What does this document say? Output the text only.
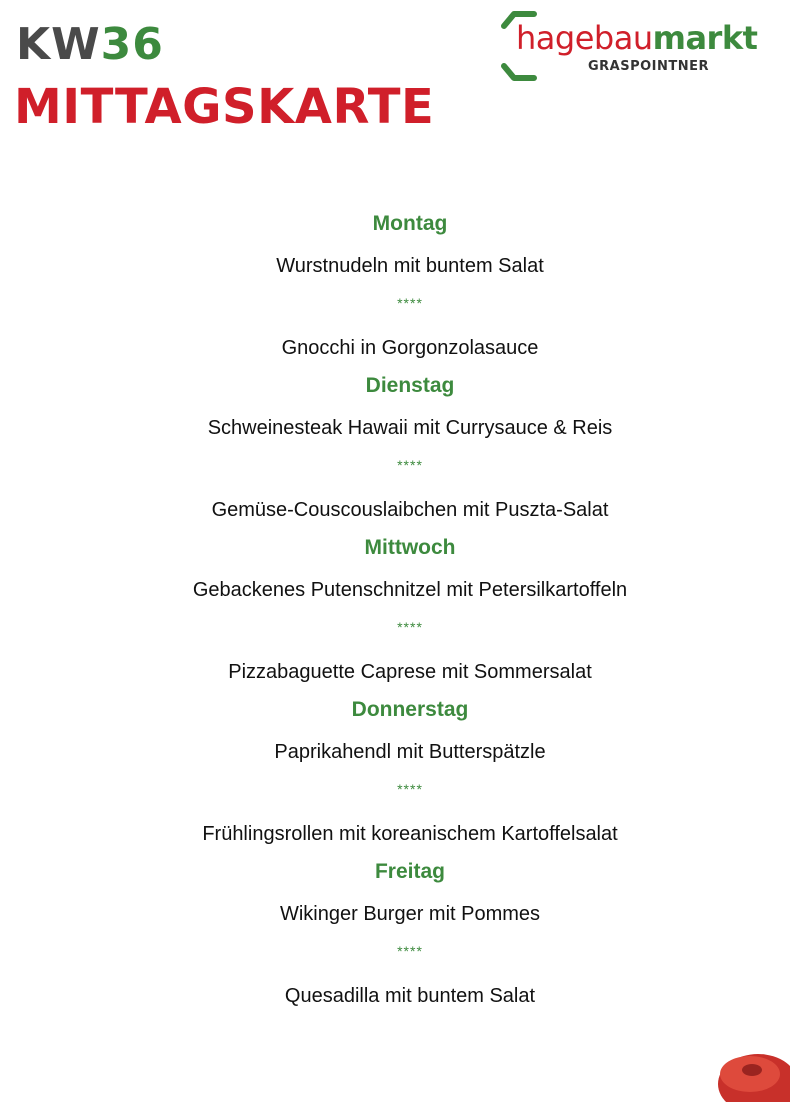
KW36
MITTAGSKARTE
hagebaumarkt
GRASPOINTNER
Montag
Wurstnudeln mit buntem Salat
****
Gnocchi in Gorgonzolasauce
Dienstag
Schweinesteak Hawaii mit Currysauce & Reis
****
Gemüse-Couscouslaibchen mit Puszta-Salat
Mittwoch
Gebackenes Putenschnitzel mit Petersilkartoffeln
****
Pizzabaguette Caprese mit Sommersalat
Donnerstag
Paprikahendl mit Butterspätzle
****
Frühlingsrollen mit koreanischem Kartoffelsalat
Freitag
Wikinger Burger mit Pommes
****
Quesadilla mit buntem Salat
